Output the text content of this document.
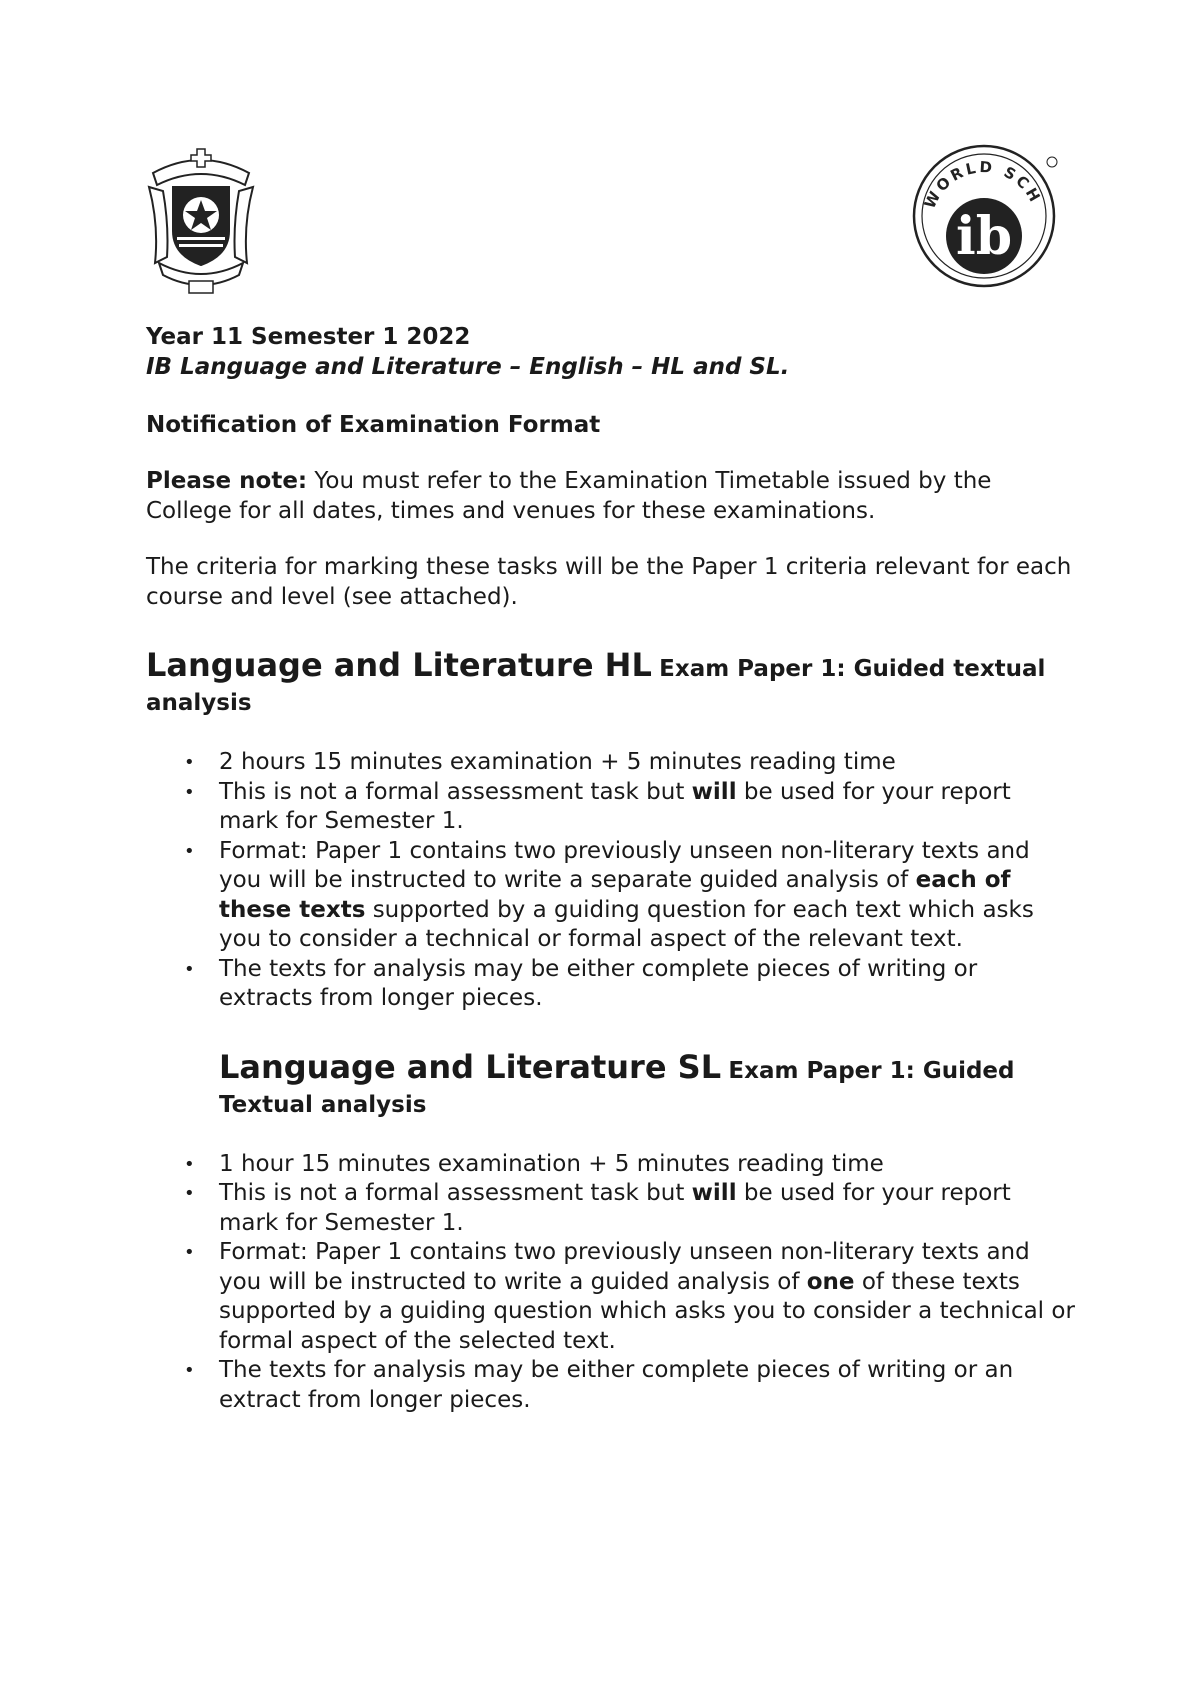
WORLD SCH
ib

Year 11 Semester 1 2022

IB Language and Literature – English – HL and SL.

Notification of Examination Format

Please note: You must refer to the Examination Timetable issued by the College for all dates, times and venues for these examinations.

The criteria for marking these tasks will be the Paper 1 criteria relevant for each course and level (see attached).

Language and Literature HL Exam Paper 1: Guided textual analysis
• 2 hours 15 minutes examination + 5 minutes reading time
• This is not a formal assessment task but will be used for your report mark for Semester 1.
• Format: Paper 1 contains two previously unseen non-literary texts and you will be instructed to write a separate guided analysis of each of these texts supported by a guiding question for each text which asks you to consider a technical or formal aspect of the relevant text.
• The texts for analysis may be either complete pieces of writing or extracts from longer pieces.
Language and Literature SL Exam Paper 1: Guided Textual analysis
• 1 hour 15 minutes examination + 5 minutes reading time
• This is not a formal assessment task but will be used for your report mark for Semester 1.
• Format: Paper 1 contains two previously unseen non-literary texts and you will be instructed to write a guided analysis of one of these texts supported by a guiding question which asks you to consider a technical or formal aspect of the selected text.
• The texts for analysis may be either complete pieces of writing or an extract from longer pieces.
